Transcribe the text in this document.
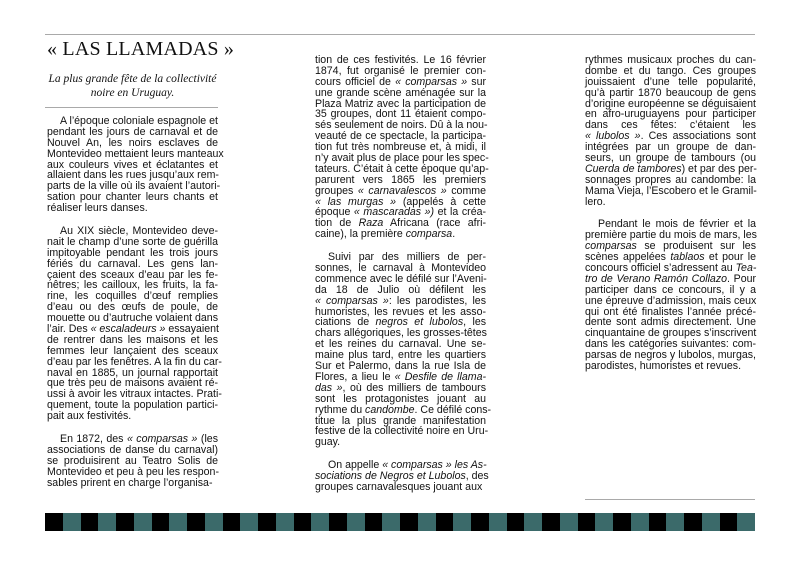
« LAS LLAMADAS »
La plus grande fête de la collectivité
noire en Uruguay.
A l’époque coloniale espagnole et
pendant les jours de carnaval et de
Nouvel An, les noirs esclaves de
Montevideo mettaient leurs manteaux
aux couleurs vives et éclatantes et
allaient dans les rues jusqu’aux rem-
parts de la ville où ils avaient l’autori-
sation pour chanter leurs chants et
réaliser leurs danses.
Au XIX siècle, Montevideo deve-
nait le champ d’une sorte de guérilla
impitoyable pendant les trois jours
fériés du carnaval. Les gens lan-
çaient des sceaux d’eau par les fe-
nêtres; les cailloux, les fruits, la fa-
rine, les coquilles d’œuf remplies
d’eau ou des œufs de poule, de
mouette ou d’autruche volaient dans
l’air. Des « escaladeurs » essayaient
de rentrer dans les maisons et les
femmes leur lançaient des sceaux
d’eau par les fenêtres. A la fin du car-
naval en 1885, un journal rapportait
que très peu de maisons avaient ré-
ussi à avoir les vitraux intactes. Prati-
quement, toute la population partici-
pait aux festivités.
En 1872, des « comparsas » (les
associations de danse du carnaval)
se produisirent au Teatro Solis de
Montevideo et peu à peu les respon-
sables prirent en charge l’organisa-
tion de ces festivités. Le 16 février
1874, fut organisé le premier con-
cours officiel de « comparsas » sur
une grande scène aménagée sur la
Plaza Matriz avec la participation de
35 groupes, dont 11 étaient compo-
sés seulement de noirs. Dû à la nou-
veauté de ce spectacle, la participa-
tion fut très nombreuse et, à midi, il
n’y avait plus de place pour les spec-
tateurs. C’était à cette époque qu’ap-
parurent vers 1865 les premiers
groupes « carnavalescos » comme
« las murgas » (appelés à cette
époque « mascaradas ») et la créa-
tion de Raza Africana (race afri-
caine), la première comparsa.
Suivi par des milliers de per-
sonnes, le carnaval à Montevideo
commence avec le défilé sur l’Aveni-
da 18 de Julio où défilent les
« comparsas »: les parodistes, les
humoristes, les revues et les asso-
ciations de negros et lubolos, les
chars allégoriques, les grosses-têtes
et les reines du carnaval. Une se-
maine plus tard, entre les quartiers
Sur et Palermo, dans la rue Isla de
Flores, a lieu le « Desfile de llama-
das », où des milliers de tambours
sont les protagonistes jouant au
rythme du candombe. Ce défilé cons-
titue la plus grande manifestation
festive de la collectivité noire en Uru-
guay.
On appelle « comparsas » les As-
sociations de Negros et Lubolos, des
groupes carnavalesques jouant aux
rythmes musicaux proches du can-
dombe et du tango. Ces groupes
jouissaient d’une telle popularité,
qu’à partir 1870 beaucoup de gens
d’origine européenne se déguisaient
en afro-uruguayens pour participer
dans ces fêtes: c’étaient les
« lubolos ». Ces associations sont
intégrées par un groupe de dan-
seurs, un groupe de tambours (ou
Cuerda de tambores) et par des per-
sonnages propres au candombe: la
Mama Vieja, l’Escobero et le Gramil-
lero.
Pendant le mois de février et la
première partie du mois de mars, les
comparsas se produisent sur les
scènes appelées tablaos et pour le
concours officiel s’adressent au Tea-
tro de Verano Ramón Collazo. Pour
participer dans ce concours, il y a
une épreuve d’admission, mais ceux
qui ont été finalistes l’année précé-
dente sont admis directement. Une
cinquantaine de groupes s’inscrivent
dans les catégories suivantes: com-
parsas de negros y lubolos, murgas,
parodistes, humoristes et revues.
